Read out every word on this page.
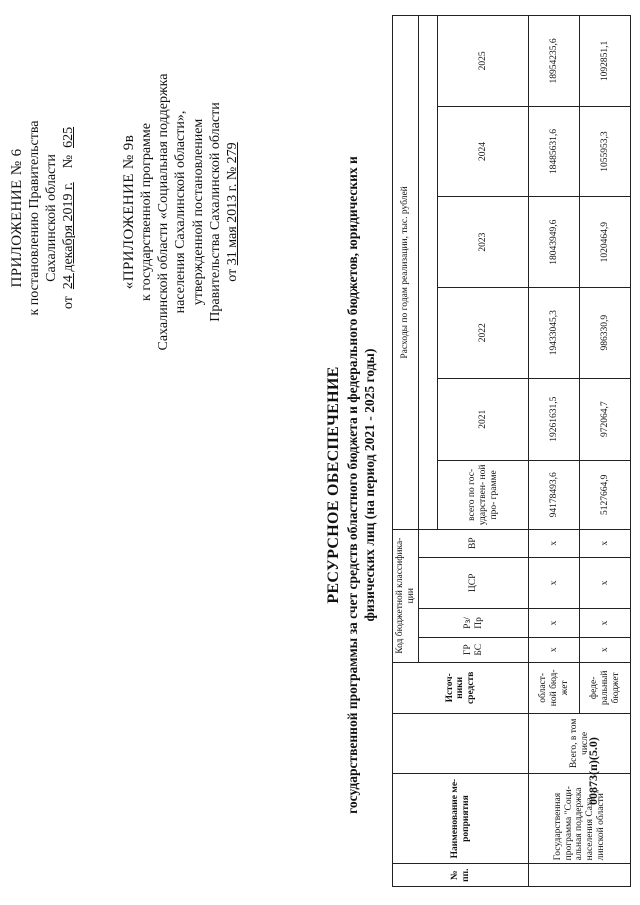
ПРИЛОЖЕНИЕ № 6 к постановлению Правительства Сахалинской области
от  24 декабря 2019 г.    №  625	«ПРИЛОЖЕНИЕ № 9в к государственной программе Сахалинской области «Социальная поддержка населения Сахалинской области», утвержденной постановлением Правительства Сахалинской области от 31 мая 2013 г. № 279
РЕСУРСНОЕ ОБЕСПЕЧЕНИЕ государственной программы за счет средств областного бюджета и федерального бюджетов, юридических и физических лиц (на период 2021 - 2025 годы)
№ пп.	Наименование ме- роприятия		Источ- ники средств	Код бюджетной классифика- ции				Расходы по годам реализации, тыс. рублей					
				ГР БС	Рз/ Пр	ЦСР	ВР						
								всего по гос- ударствен- ной про- грамме	2021	2022	2023	2024	2025
	Государственная программа "Соци- альная поддержка населения Саха- линской области"	Всего, в том числе	област- ной бюд- жет	x	x	x	x	94178493,6	19261631,5	19433045,3	18043949,6	18485631,6	18954235,6
			феде- ральный бюджет	x	x	x	x	5127664,9	972064,7	986330,9	1020464,9	1055953,3	1092851,1
00873(п)(5.0)
